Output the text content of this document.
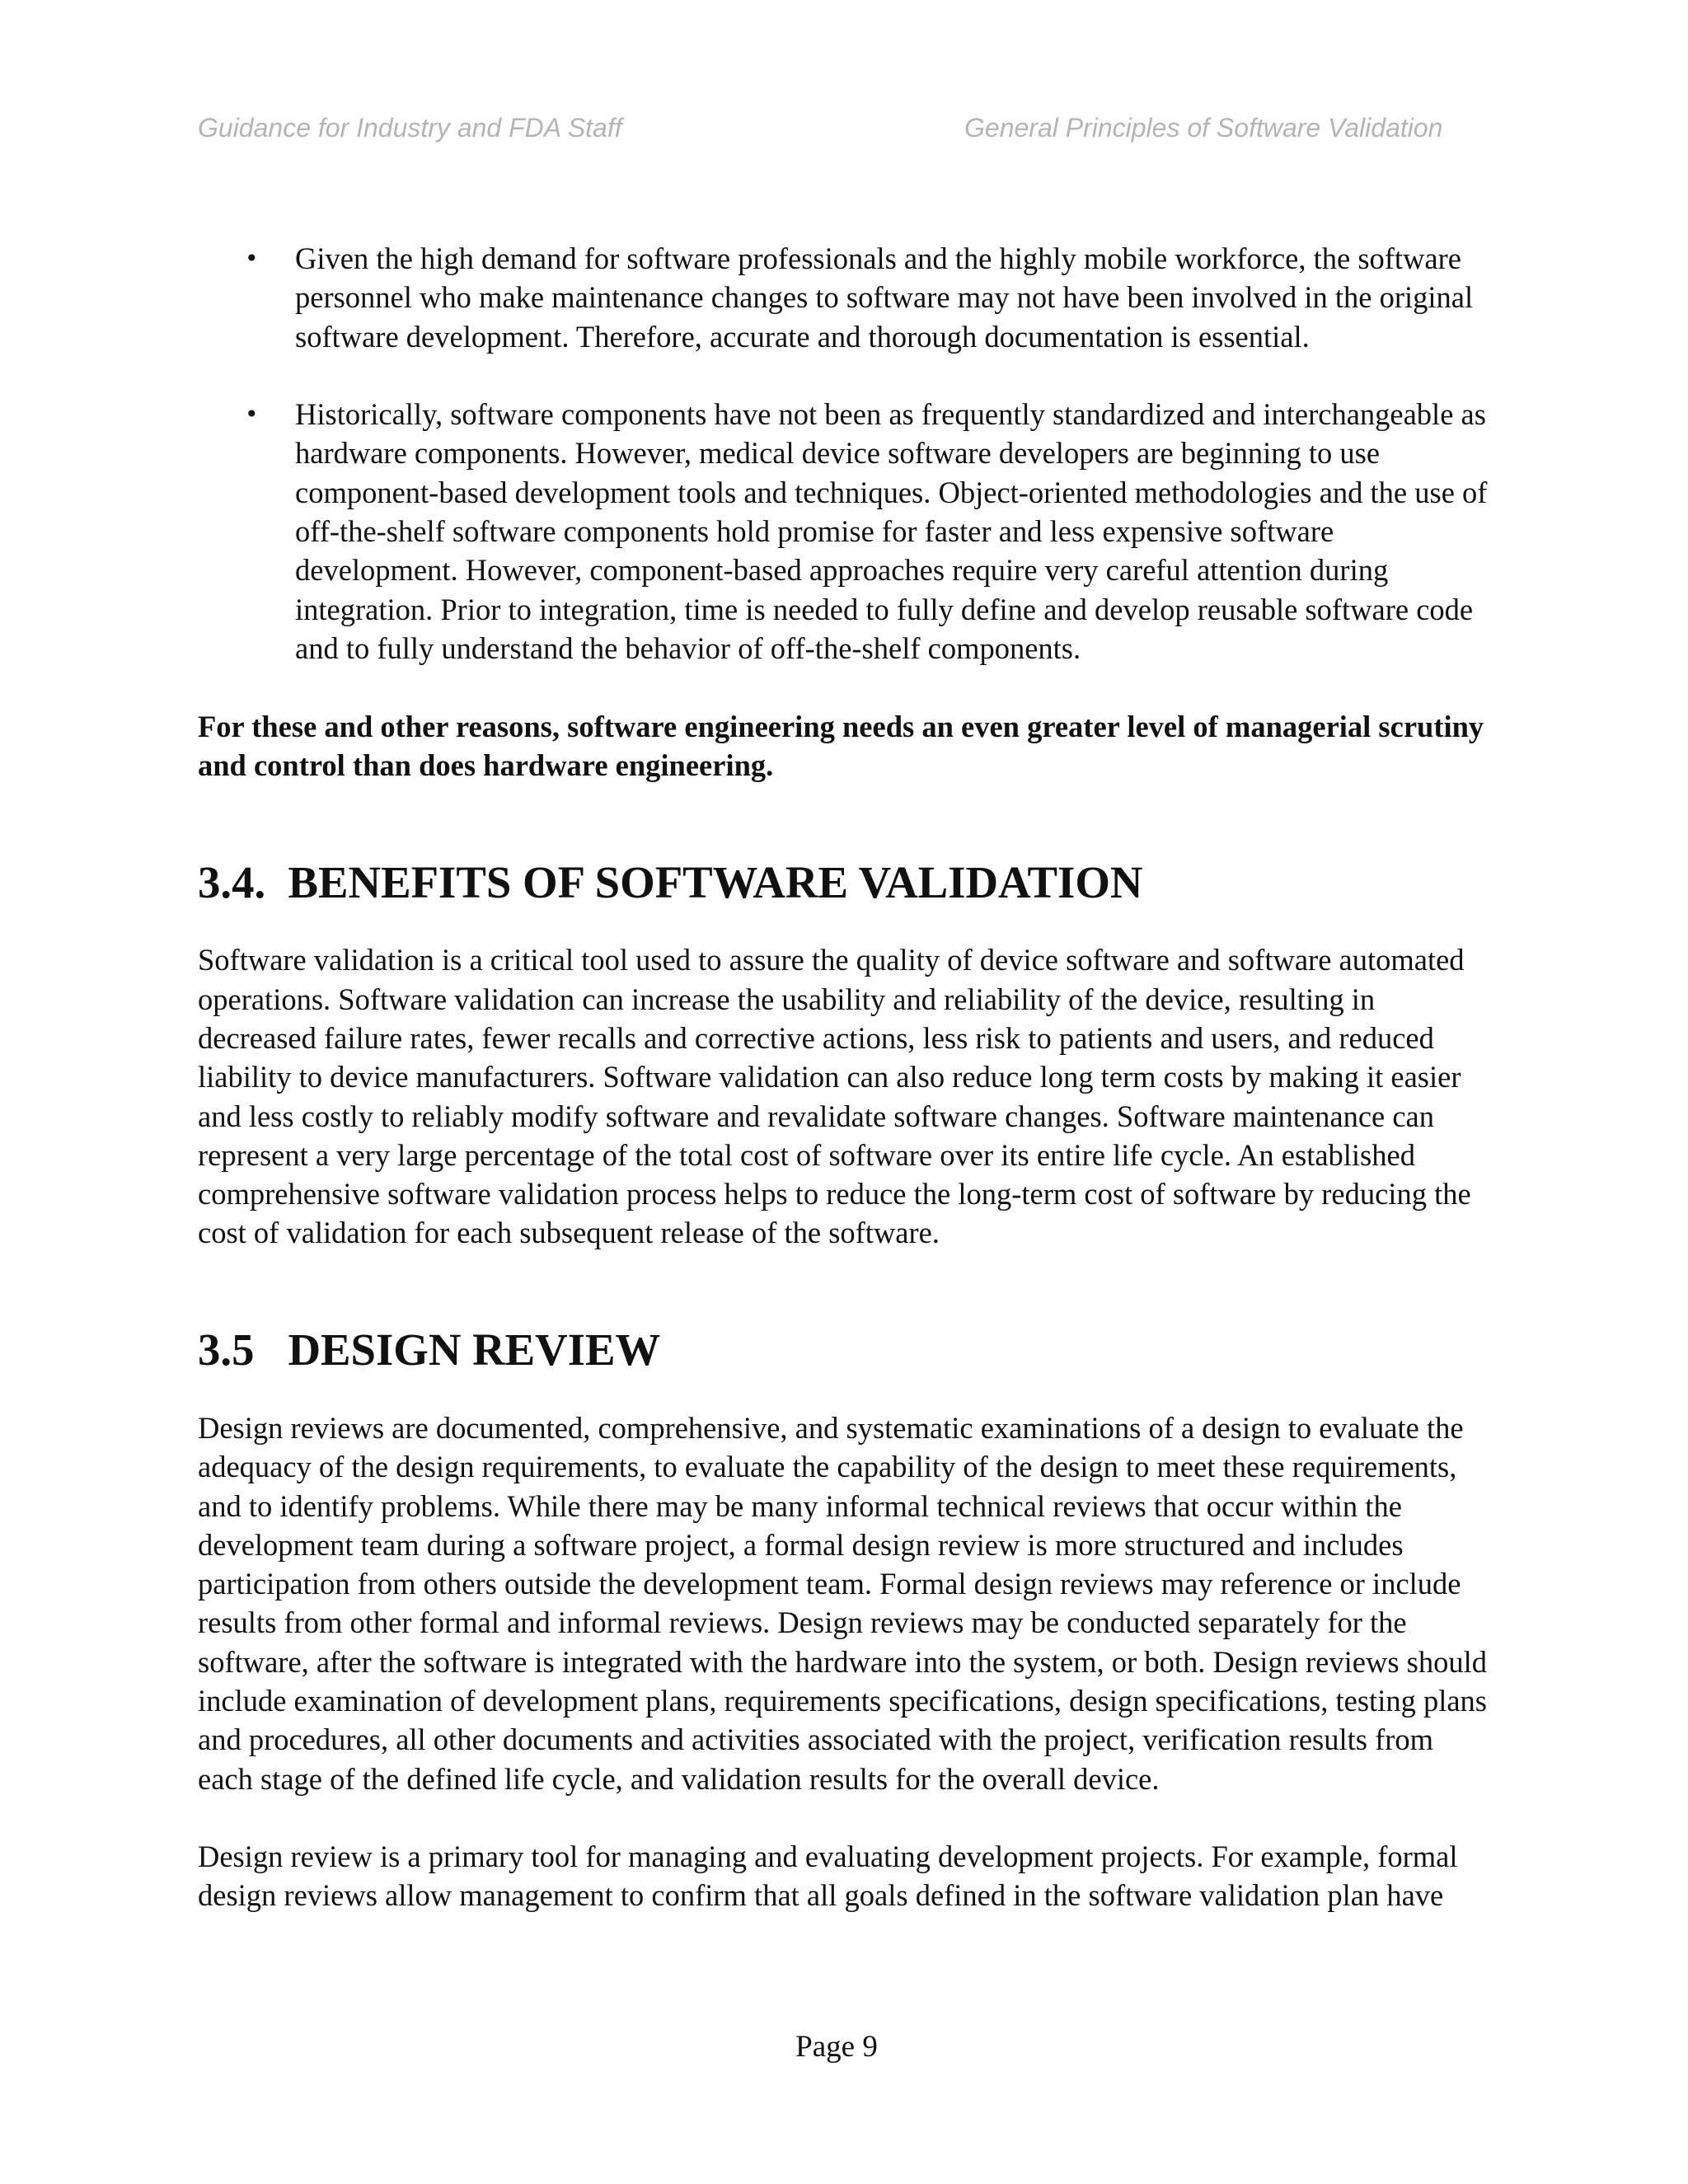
Guidance for Industry and FDA Staff	General Principles of Software Validation
• Given the high demand for software professionals and the highly mobile workforce, the software personnel who make maintenance changes to software may not have been involved in the original software development. Therefore, accurate and thorough documentation is essential.
• Historically, software components have not been as frequently standardized and interchangeable as hardware components. However, medical device software developers are beginning to use component-based development tools and techniques. Object-oriented methodologies and the use of off-the-shelf software components hold promise for faster and less expensive software development. However, component-based approaches require very careful attention during integration. Prior to integration, time is needed to fully define and develop reusable software code and to fully understand the behavior of off-the-shelf components.

For these and other reasons, software engineering needs an even greater level of managerial scrutiny and control than does hardware engineering.

3.4.  BENEFITS OF SOFTWARE VALIDATION

Software validation is a critical tool used to assure the quality of device software and software automated operations. Software validation can increase the usability and reliability of the device, resulting in decreased failure rates, fewer recalls and corrective actions, less risk to patients and users, and reduced liability to device manufacturers. Software validation can also reduce long term costs by making it easier and less costly to reliably modify software and revalidate software changes. Software maintenance can represent a very large percentage of the total cost of software over its entire life cycle. An established comprehensive software validation process helps to reduce the long-term cost of software by reducing the cost of validation for each subsequent release of the software.

3.5   DESIGN REVIEW

Design reviews are documented, comprehensive, and systematic examinations of a design to evaluate the adequacy of the design requirements, to evaluate the capability of the design to meet these requirements, and to identify problems. While there may be many informal technical reviews that occur within the development team during a software project, a formal design review is more structured and includes participation from others outside the development team. Formal design reviews may reference or include results from other formal and informal reviews. Design reviews may be conducted separately for the software, after the software is integrated with the hardware into the system, or both. Design reviews should include examination of development plans, requirements specifications, design specifications, testing plans and procedures, all other documents and activities associated with the project, verification results from each stage of the defined life cycle, and validation results for the overall device.

Design review is a primary tool for managing and evaluating development projects. For example, formal design reviews allow management to confirm that all goals defined in the software validation plan have

Page 9
